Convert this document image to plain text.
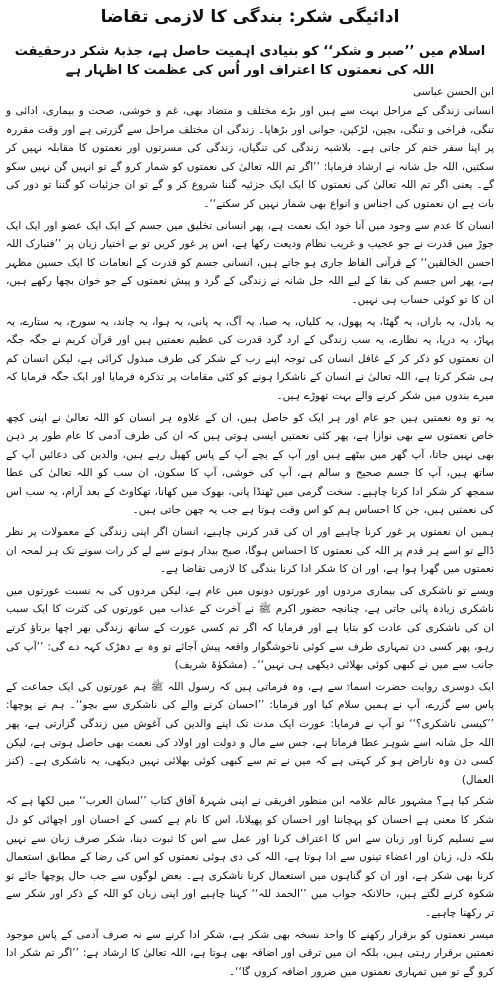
ادائیگی شکر: بندگی کا لازمی تقاضا
اسلام میں ’’صبر و شکر‘‘ کو بنیادی اہمیت حاصل ہے، جذبۂ شکر درحقیقت اللہ کی نعمتوں کا اعتراف اور اُس کی عظمت کا اظہار ہے
ابن الحسن عباسی
انسانی زندگی کے مراحل بہت سے ہیں اور بڑے مختلف و متضاد بھی، غم و خوشی، صحت و بیماری، ادائی و تنگی، فراخی و تنگی، بچپن، لڑکپن، جوانی اور بڑھاپا۔ زندگی ان مختلف مراحل سے گزرتی ہے اور وقت مقررہ پر اپنا سفر ختم کر جاتی ہے۔ بلاشبہ زندگی کی تنگیاں، زندگی کی مسرتوں اور نعمتوں کا مقابلہ نہیں کر سکتیں، اللہ جل شانہ نے ارشاد فرمایا: ’’اگر تم اللہ تعالیٰ کی نعمتوں کو شمار کرو گے تو انہیں گن نہیں سکو گے۔ یعنی اگر تم اللہ تعالیٰ کی نعمتوں کا ایک ایک جزئیہ گننا شروع کر و گے تو ان جزئیات کو گننا تو دور کی بات ہے ان نعمتوں کی اجناس و انواع بھی شمار نہیں کر سکتے‘‘۔
انسان کا عدم سے وجود میں آنا خود ایک نعمت ہے، پھر انسانی تخلیق میں جسم کے ایک ایک عضو اور ایک ایک جوڑ میں قدرت نے جو عجیب و غریب نظام ودیعت رکھا ہے، اس پر غور کریں تو بے اختیار زبان پر ’’فتبارک اللہ احسن الخالقین‘‘ کے قرآنی الفاظ جاری ہو جاتے ہیں، انسانی جسم کو قدرت کے انعامات کا ایک حسین مظہر ہے، پھر اس جسم کی بقا کے لیے اللہ جل شانہ نے زندگی کے گرد و پیش نعمتوں کے جو خوان بچھا رکھے ہیں، ان کا تو کوئی حساب ہی نہیں۔
یہ بادل، یہ باراں، یہ گھٹا، یہ پھول، یہ کلیاں، یہ صبا، یہ آگ، یہ پانی، یہ ہوا، یہ چاند، یہ سورج، یہ ستارے، یہ پہاڑ، یہ دریا، یہ نظارے، یہ سب زندگی کے ارد گرد قدرت کی عظیم نعمتیں ہیں اور قرآن کریم نے جگہ جگہ ان نعمتوں کو ذکر کر کے غافل انسان کی توجہ اپنے رب کے شکر کی طرف مبذول کرائی ہے، لیکن انسان کم ہی شکر کرتا ہے، اللہ تعالیٰ نے انسان کے ناشکرا ہونے کو کئی مقامات پر تذکرہ فرمایا اور ایک جگہ فرمایا کہ میرے بندوں میں شکر کرنے والے بہت تھوڑے ہیں۔
یہ تو وہ نعمتیں ہیں جو عام اور ہر ایک کو حاصل ہیں، ان کے علاوہ ہر انسان کو اللہ تعالیٰ نے اپنی کچھ خاص نعمتوں سے بھی نوازا ہے، پھر کئی نعمتیں ایسی ہوتی ہیں کہ ان کی طرف آدمی کا عام طور پر ذہن بھی نہیں جاتا، آپ گھر میں بیٹھے ہیں اور آپ کے بچے آپ کے پاس کھیل رہے ہیں، والدین کی دعائیں آپ کے ساتھ ہیں، آپ کا جسم صحیح و سالم ہے، آپ کی خوشی، آپ کا سکون، ان سب کو اللہ تعالیٰ کی عطا سمجھ کر شکر ادا کرنا چاہیے۔ سخت گرمی میں ٹھنڈا پانی، بھوک میں کھانا، تھکاوٹ کے بعد آرام، یہ سب اس کی نعمتیں ہیں، جن کا احساس ہم کو اس وقت ہوتا ہے جب یہ چھن جاتی ہیں۔
ہمیں ان نعمتوں پر غور کرنا چاہیے اور ان کی قدر کرنی چاہیے، انسان اگر اپنی زندگی کے معمولات پر نظر ڈالے تو اسے ہر قدم پر اللہ کی نعمتوں کا احساس ہوگا، صبح بیدار ہونے سے لے کر رات سونے تک ہر لمحہ ان نعمتوں میں گھرا ہوا ہے، اور ان کا شکر ادا کرنا بندگی کا لازمی تقاضا ہے۔
ویسے تو ناشکری کی بیماری مردوں اور عورتوں دونوں میں عام ہے، لیکن مردوں کی بہ نسبت عورتوں میں ناشکری زیادہ پائی جاتی ہے، چنانچہ حضور اکرم ﷺ نے آخرت کے عذاب میں عورتوں کی کثرت کا ایک سبب ان کی ناشکری کی عادت کو بتایا ہے اور فرمایا کہ اگر تم کسی عورت کے ساتھ زندگی بھر اچھا برتاؤ کرتے رہو، پھر کسی دن تمہاری طرف سے کوئی ناخوشگوار واقعہ پیش آجائے تو وہ بے دھڑک کہہ دے گی: ’’آپ کی جانب سے میں نے کبھی کوئی بھلائی دیکھی ہی نہیں‘‘۔ (مشکوٰۃ شریف)
ایک دوسری روایت حضرت اسماءؓ سے ہے، وہ فرماتی ہیں کہ رسول اللہ ﷺ ہم عورتوں کی ایک جماعت کے پاس سے گزرے، آپ نے ہمیں سلام کیا اور فرمایا: ’’احسان کرنے والے کی ناشکری سے بچو‘‘۔ ہم نے پوچھا: ’’کیسی ناشکری؟‘‘ تو آپ نے فرمایا: عورت ایک مدت تک اپنے والدین کی آغوش میں زندگی گزارتی ہے، پھر اللہ جل شانہ اسے شوہر عطا فرماتا ہے، جس سے مال و دولت اور اولاد کی نعمت بھی حاصل ہوتی ہے، لیکن کسی دن وہ ناراض ہو کر کہتی ہے کہ میں نے تم سے کبھی کوئی بھلائی نہیں دیکھی، یہ ناشکری ہے۔ (کنز العمال)
شکر کیا ہے؟ مشہور عالم علامہ ابن منظور افریقی نے اپنی شہرۂ آفاق کتاب ’’لسان العرب‘‘ میں لکھا ہے کہ شکر کا معنی ہے احسان کو پہچاننا اور احسان کو پھیلانا، اس کا نام ہے کسی کے احسان اور اچھائی کو دل سے تسلیم کرنا اور زبان سے اس کا اعتراف کرنا اور عمل سے اس کا ثبوت دینا، شکر صرف زبان سے نہیں بلکہ دل، زبان اور اعضاء تینوں سے ادا ہوتا ہے، اللہ کی دی ہوئی نعمتوں کو اس کی رضا کے مطابق استعمال کرنا بھی شکر ہے، اور ان کو گناہوں میں استعمال کرنا ناشکری ہے۔ بعض لوگوں سے جب حال پوچھا جائے تو شکوہ کرنے لگتے ہیں، حالانکہ جواب میں ’’الحمد للہ‘‘ کہنا چاہیے اور اپنی زبان کو اللہ کے ذکر اور شکر سے تر رکھنا چاہیے۔
میسر نعمتوں کو برقرار رکھنے کا واحد نسخہ بھی شکر ہے، شکر ادا کرنے سے نہ صرف آدمی کے پاس موجود نعمتیں برقرار رہتی ہیں، بلکہ ان میں ترقی اور اضافہ بھی ہوتا ہے، اللہ تعالیٰ کا ارشاد ہے: ’’اگر تم شکر ادا کرو گے تو میں تمہاری نعمتوں میں ضرور اضافہ کروں گا‘‘۔
